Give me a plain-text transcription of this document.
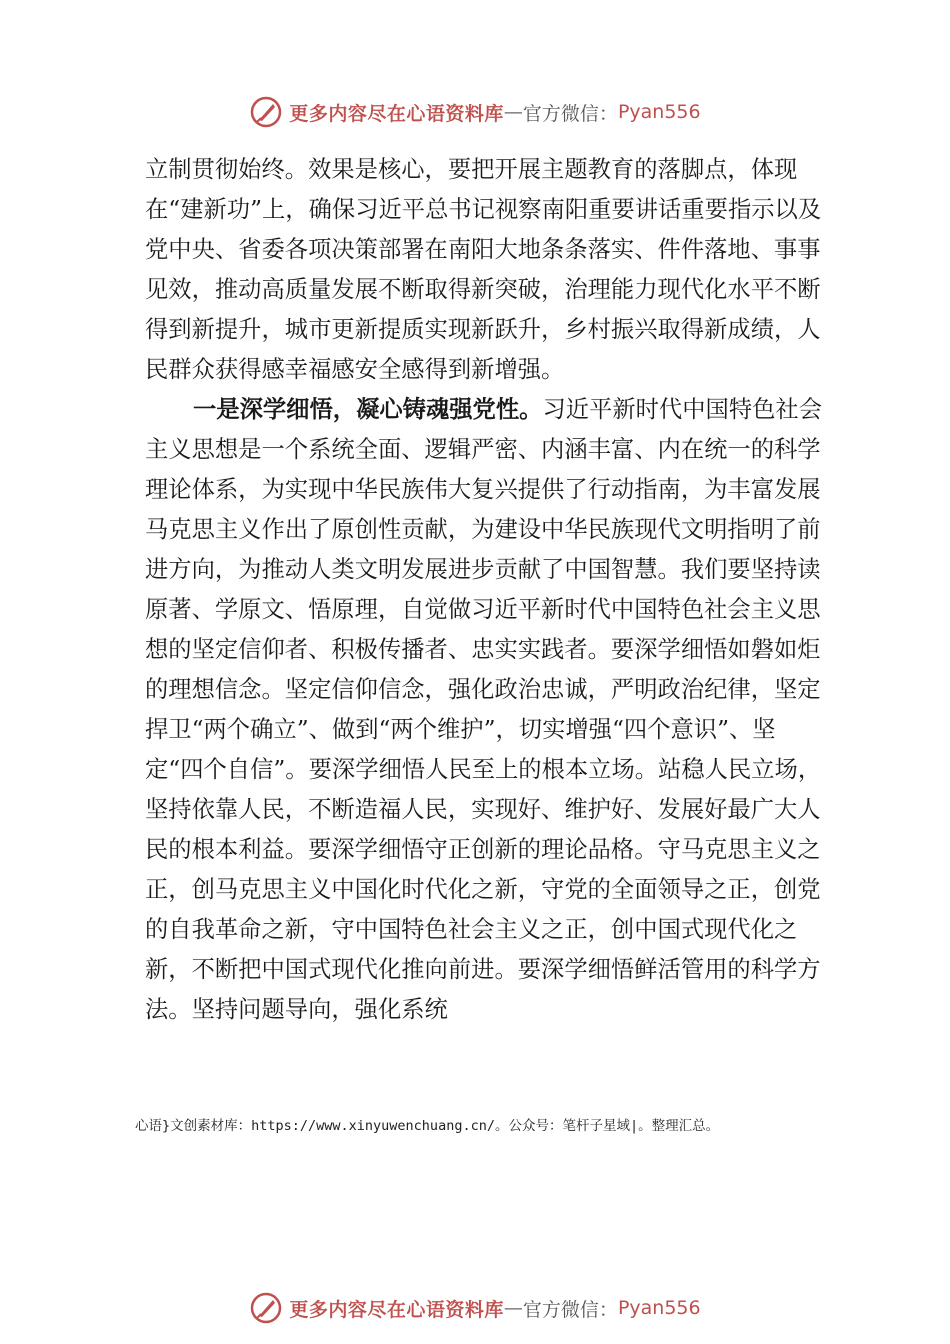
更多内容尽在心语资料库 — 官方微信： Pyan556

立制贯彻始终。效果是核心，要把开展主题教育的落脚点，体现在“建新功”上，确保习近平总书记视察南阳重要讲话重要指示以及党中央、省委各项决策部署在南阳大地条条落实、件件落地、事事见效，推动高质量发展不断取得新突破，治理能力现代化水平不断得到新提升，城市更新提质实现新跃升，乡村振兴取得新成绩，人民群众获得感幸福感安全感得到新增强。

一是深学细悟，凝心铸魂强党性。习近平新时代中国特色社会主义思想是一个系统全面、逻辑严密、内涵丰富、内在统一的科学理论体系，为实现中华民族伟大复兴提供了行动指南，为丰富发展马克思主义作出了原创性贡献，为建设中华民族现代文明指明了前进方向，为推动人类文明发展进步贡献了中国智慧。我们要坚持读原著、学原文、悟原理，自觉做习近平新时代中国特色社会主义思想的坚定信仰者、积极传播者、忠实实践者。要深学细悟如磐如炬的理想信念。坚定信仰信念，强化政治忠诚，严明政治纪律，坚定捍卫“两个确立”、做到“两个维护”，切实增强“四个意识”、坚定“四个自信”。要深学细悟人民至上的根本立场。站稳人民立场，坚持依靠人民，不断造福人民，实现好、维护好、发展好最广大人民的根本利益。要深学细悟守正创新的理论品格。守马克思主义之正，创马克思主义中国化时代化之新，守党的全面领导之正，创党的自我革命之新，守中国特色社会主义之正，创中国式现代化之新，不断把中国式现代化推向前进。要深学细悟鲜活管用的科学方法。坚持问题导向，强化系统

心语}文创素材库：https://www.xinyuwenchuang.cn/。公众号：笔杆子星域|。整理汇总。
更多内容尽在心语资料库 — 官方微信： Pyan556
